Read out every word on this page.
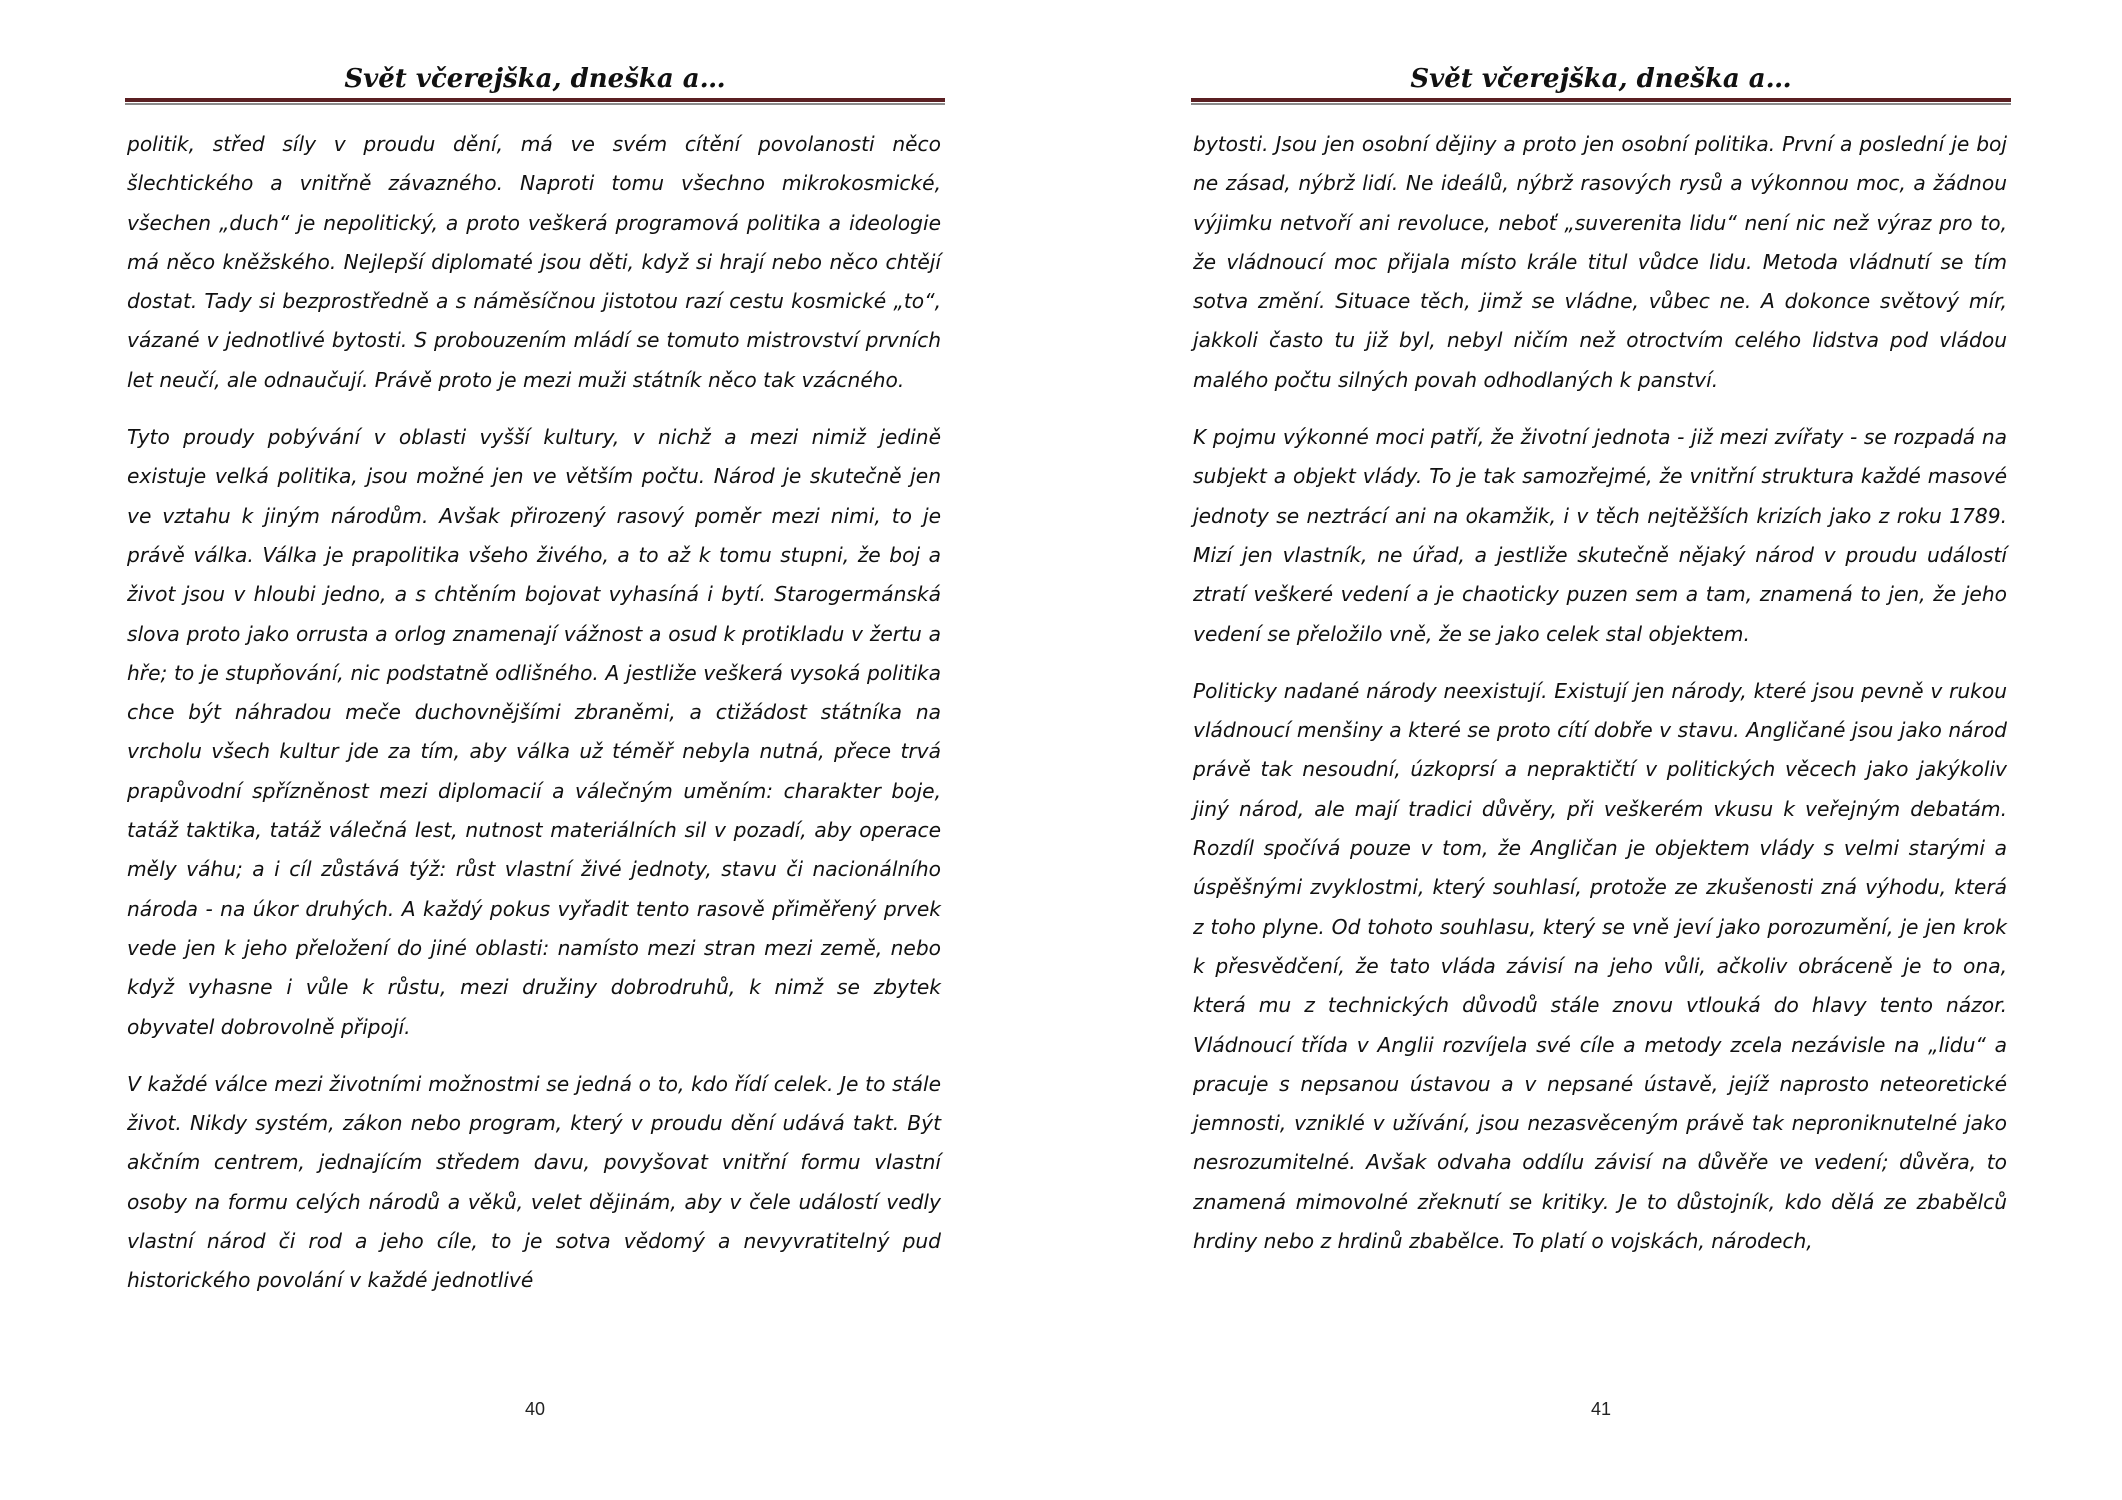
Svět včerejška, dneška a…

politik, střed síly v proudu dění, má ve svém cítění povolanosti něco šlechtického a vnitřně závazného. Naproti tomu všechno mikrokosmické, všechen „duch“ je nepolitický, a proto veškerá programová politika a ideologie má něco kněžského. Nejlepší diplomaté jsou děti, když si hrají nebo něco chtějí dostat. Tady si bezprostředně a s náměsíčnou jistotou razí cestu kosmické „to“, vázané v jednotlivé bytosti. S probouzením mládí se tomuto mistrovství prvních let neučí, ale odnaučují. Právě proto je mezi muži státník něco tak vzácného.

Tyto proudy pobývání v oblasti vyšší kultury, v nichž a mezi nimiž jedině existuje velká politika, jsou možné jen ve větším počtu. Národ je skutečně jen ve vztahu k jiným národům. Avšak přirozený rasový poměr mezi nimi, to je právě válka. Válka je prapolitika všeho živého, a to až k tomu stupni, že boj a život jsou v hloubi jedno, a s chtěním bojovat vyhasíná i bytí. Starogermánská slova proto jako orrusta a orlog znamenají vážnost a osud k protikladu v žertu a hře; to je stupňování, nic podstatně odlišného. A jestliže veškerá vysoká politika chce být náhradou meče duchovnějšími zbraněmi, a ctižádost státníka na vrcholu všech kultur jde za tím, aby válka už téměř nebyla nutná, přece trvá prapůvodní spřízněnost mezi diplomacií a válečným uměním: charakter boje, tatáž taktika, tatáž válečná lest, nutnost materiálních sil v pozadí, aby operace měly váhu; a i cíl zůstává týž: růst vlastní živé jednoty, stavu či nacionálního národa - na úkor druhých. A každý pokus vyřadit tento rasově přiměřený prvek vede jen k jeho přeložení do jiné oblasti: namísto mezi stran mezi země, nebo když vyhasne i vůle k růstu, mezi družiny dobrodruhů, k nimž se zbytek obyvatel dobrovolně připojí.

V každé válce mezi životními možnostmi se jedná o to, kdo řídí celek. Je to stále život. Nikdy systém, zákon nebo program, který v proudu dění udává takt. Být akčním centrem, jednajícím středem davu, povyšovat vnitřní formu vlastní osoby na formu celých národů a věků, velet dějinám, aby v čele událostí vedly vlastní národ či rod a jeho cíle, to je sotva vědomý a nevyvratitelný pud historického povolání v každé jednotlivé

40
Svět včerejška, dneška a…

bytosti. Jsou jen osobní dějiny a proto jen osobní politika. První a poslední je boj ne zásad, nýbrž lidí. Ne ideálů, nýbrž rasových rysů a výkonnou moc, a žádnou výjimku netvoří ani revoluce, neboť „suverenita lidu“ není nic než výraz pro to, že vládnoucí moc přijala místo krále titul vůdce lidu. Metoda vládnutí se tím sotva změní. Situace těch, jimž se vládne, vůbec ne. A dokonce světový mír, jakkoli často tu již byl, nebyl ničím než otroctvím celého lidstva pod vládou malého počtu silných povah odhodlaných k panství.

K pojmu výkonné moci patří, že životní jednota - již mezi zvířaty - se rozpadá na subjekt a objekt vlády. To je tak samozřejmé, že vnitřní struktura každé masové jednoty se neztrácí ani na okamžik, i v těch nejtěžších krizích jako z roku 1789. Mizí jen vlastník, ne úřad, a jestliže skutečně nějaký národ v proudu událostí ztratí veškeré vedení a je chaoticky puzen sem a tam, znamená to jen, že jeho vedení se přeložilo vně, že se jako celek stal objektem.

Politicky nadané národy neexistují. Existují jen národy, které jsou pevně v rukou vládnoucí menšiny a které se proto cítí dobře v stavu. Angličané jsou jako národ právě tak nesoudní, úzkoprsí a nepraktičtí v politických věcech jako jakýkoliv jiný národ, ale mají tradici důvěry, při veškerém vkusu k veřejným debatám. Rozdíl spočívá pouze v tom, že Angličan je objektem vlády s velmi starými a úspěšnými zvyklostmi, který souhlasí, protože ze zkušenosti zná výhodu, která z toho plyne. Od tohoto souhlasu, který se vně jeví jako porozumění, je jen krok k přesvědčení, že tato vláda závisí na jeho vůli, ačkoliv obráceně je to ona, která mu z technických důvodů stále znovu vtlouká do hlavy tento názor. Vládnoucí třída v Anglii rozvíjela své cíle a metody zcela nezávisle na „lidu“ a pracuje s nepsanou ústavou a v nepsané ústavě, jejíž naprosto neteoretické jemnosti, vzniklé v užívání, jsou nezasvěceným právě tak neproniknutelné jako nesrozumitelné. Avšak odvaha oddílu závisí na důvěře ve vedení; důvěra, to znamená mimovolné zřeknutí se kritiky. Je to důstojník, kdo dělá ze zbabělců hrdiny nebo z hrdinů zbabělce. To platí o vojskách, národech,

41
